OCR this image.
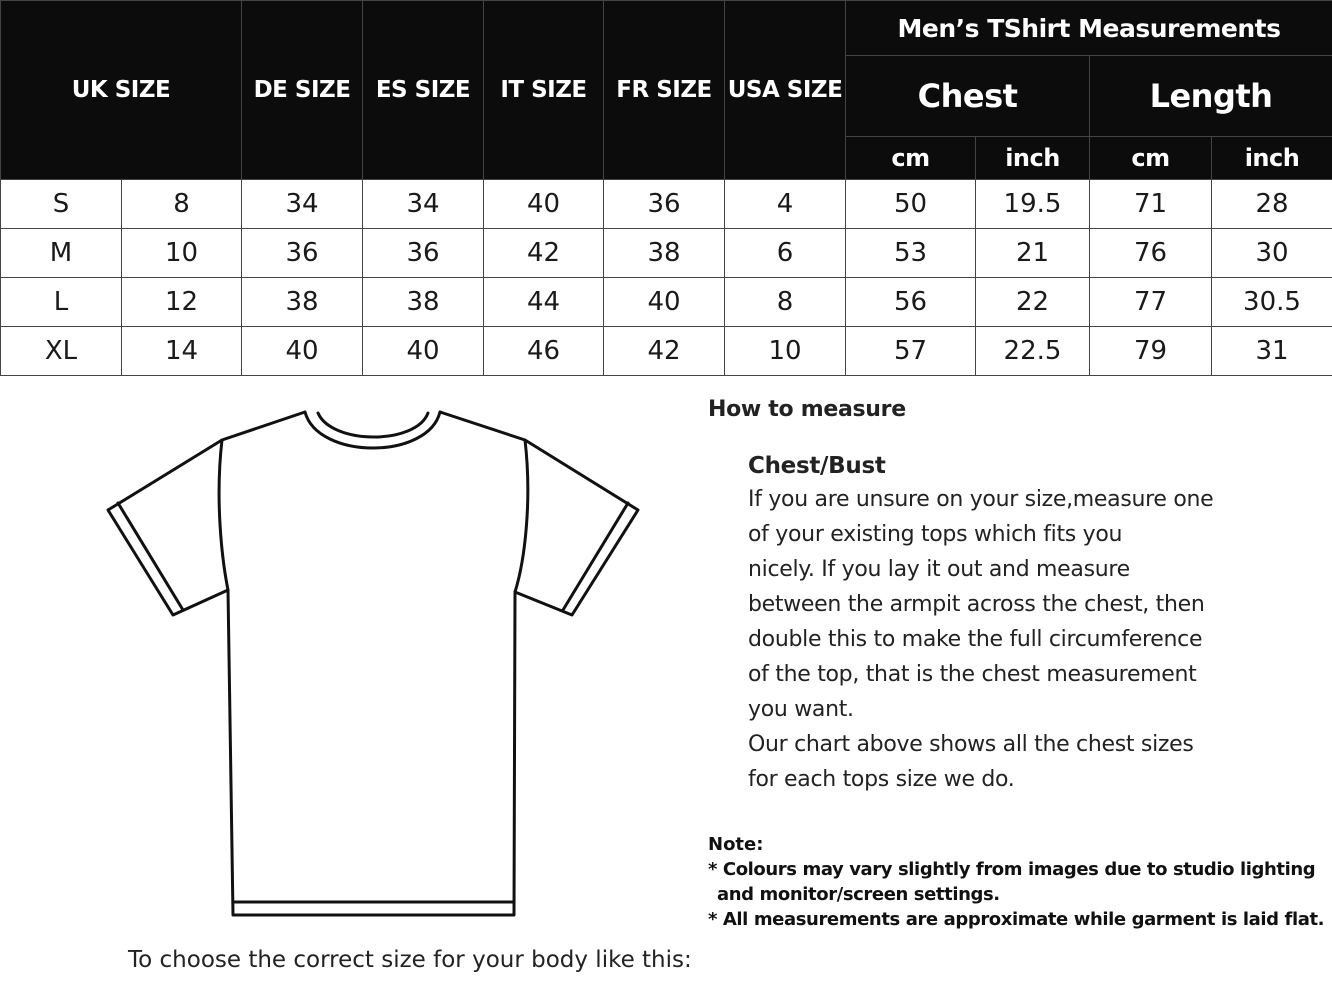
UK SIZE		DE SIZE	ES SIZE	IT SIZE	FR SIZE	USA SIZE	Men’s TShirt Measurements			
							Chest		Length	
							cm	inch	cm	inch
S	8	34	34	40	36	4	50	19.5	71	28
M	10	36	36	42	38	6	53	21	76	30
L	12	38	38	44	40	8	56	22	77	30.5
XL	14	40	40	46	42	10	57	22.5	79	31
To choose the correct size for your body like this:
How to measure
Chest/Bust
If you are unsure on your size,measure one
of your existing tops which fits you
nicely. If you lay it out and measure
between the armpit across the chest, then
double this to make the full circumference
of the top, that is the chest measurement
you want.
Our chart above shows all the chest sizes
for each tops size we do.
Note:
* Colours may vary slightly from images due to studio lighting
and monitor/screen settings.
* All measurements are approximate while garment is laid flat.
